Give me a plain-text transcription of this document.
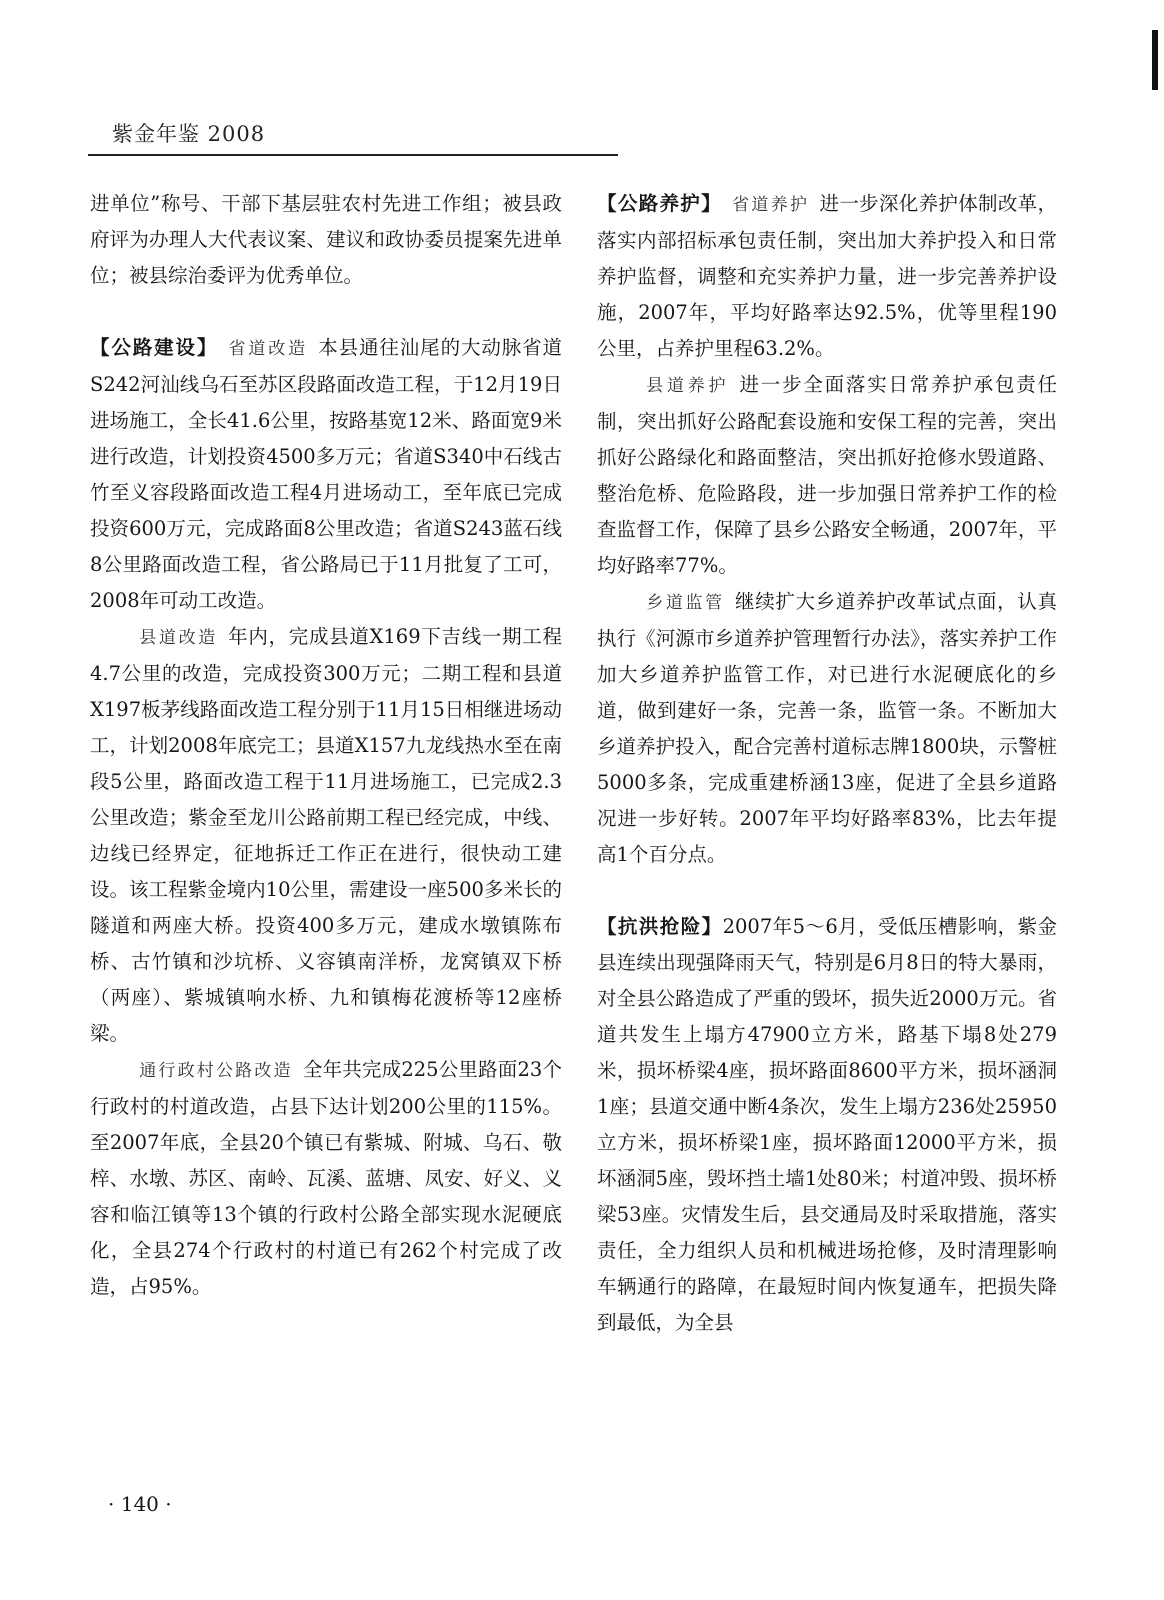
紫金年鉴 2008

进单位”称号、干部下基层驻农村先进工作组；被县政府评为办理人大代表议案、建议和政协委员提案先进单位；被县综治委评为优秀单位。

【公路建设】 省道改造 本县通往汕尾的大动脉省道S242河汕线乌石至苏区段路面改造工程，于12月19日进场施工，全长41.6公里，按路基宽12米、路面宽9米进行改造，计划投资4500多万元；省道S340中石线古竹至义容段路面改造工程4月进场动工，至年底已完成投资600万元，完成路面8公里改造；省道S243蓝石线8公里路面改造工程，省公路局已于11月批复了工可，2008年可动工改造。

县道改造 年内，完成县道X169下吉线一期工程4.7公里的改造，完成投资300万元；二期工程和县道X197板茅线路面改造工程分别于11月15日相继进场动工，计划2008年底完工；县道X157九龙线热水至在南段5公里，路面改造工程于11月进场施工，已完成2.3公里改造；紫金至龙川公路前期工程已经完成，中线、边线已经界定，征地拆迁工作正在进行，很快动工建设。该工程紫金境内10公里，需建设一座500多米长的隧道和两座大桥。投资400多万元，建成水墩镇陈布桥、古竹镇和沙坑桥、义容镇南洋桥，龙窝镇双下桥（两座）、紫城镇响水桥、九和镇梅花渡桥等12座桥梁。

通行政村公路改造 全年共完成225公里路面23个行政村的村道改造，占县下达计划200公里的115%。至2007年底，全县20个镇已有紫城、附城、乌石、敬梓、水墩、苏区、南岭、瓦溪、蓝塘、凤安、好义、义容和临江镇等13个镇的行政村公路全部实现水泥硬底化，全县274个行政村的村道已有262个村完成了改造，占95%。

【公路养护】 省道养护 进一步深化养护体制改革，落实内部招标承包责任制，突出加大养护投入和日常养护监督，调整和充实养护力量，进一步完善养护设施，2007年，平均好路率达92.5%，优等里程190公里，占养护里程63.2%。

县道养护 进一步全面落实日常养护承包责任制，突出抓好公路配套设施和安保工程的完善，突出抓好公路绿化和路面整洁，突出抓好抢修水毁道路、整治危桥、危险路段，进一步加强日常养护工作的检查监督工作，保障了县乡公路安全畅通，2007年，平均好路率77%。

乡道监管 继续扩大乡道养护改革试点面，认真执行《河源市乡道养护管理暂行办法》，落实养护工作加大乡道养护监管工作，对已进行水泥硬底化的乡道，做到建好一条，完善一条，监管一条。不断加大乡道养护投入，配合完善村道标志牌1800块，示警桩5000多条，完成重建桥涵13座，促进了全县乡道路况进一步好转。2007年平均好路率83%，比去年提高1个百分点。

【抗洪抢险】2007年5～6月，受低压槽影响，紫金县连续出现强降雨天气，特别是6月8日的特大暴雨，对全县公路造成了严重的毁坏，损失近2000万元。省道共发生上塌方47900立方米，路基下塌8处279米，损坏桥梁4座，损坏路面8600平方米，损坏涵洞1座；县道交通中断4条次，发生上塌方236处25950立方米，损坏桥梁1座，损坏路面12000平方米，损坏涵洞5座，毁坏挡土墙1处80米；村道冲毁、损坏桥梁53座。灾情发生后，县交通局及时采取措施，落实责任，全力组织人员和机械进场抢修，及时清理影响车辆通行的路障，在最短时间内恢复通车，把损失降到最低，为全县

· 140 ·
